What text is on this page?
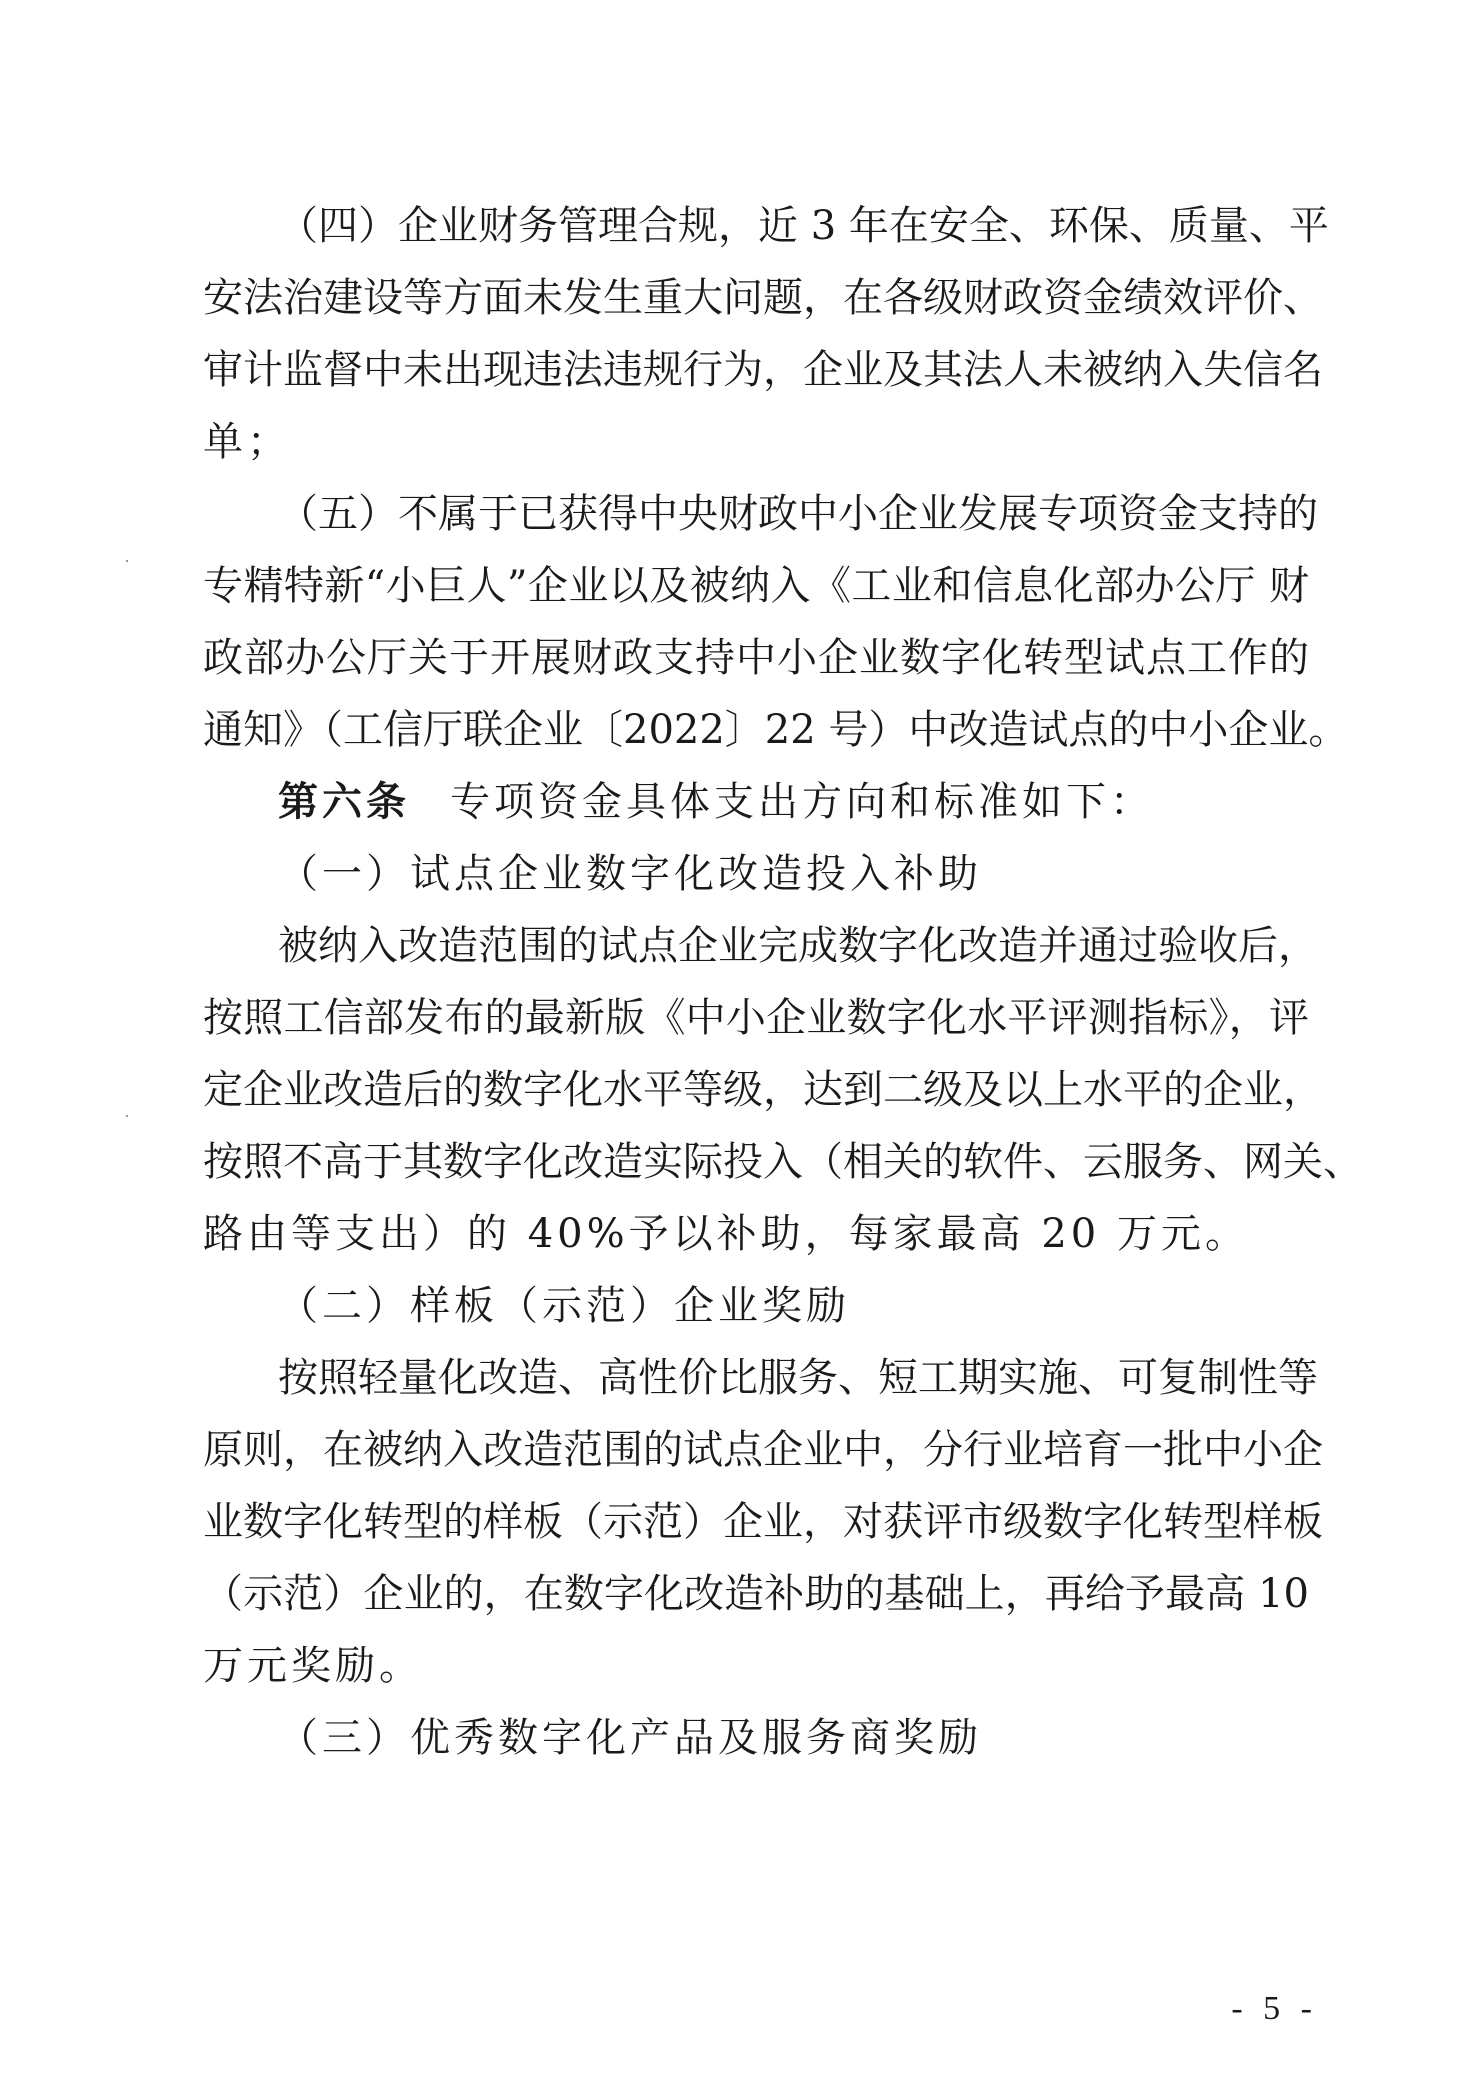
（四）企业财务管理合规，近 3 年在安全、环保、质量、平
安法治建设等方面未发生重大问题，在各级财政资金绩效评价、
审计监督中未出现违法违规行为，企业及其法人未被纳入失信名
单；
（五）不属于已获得中央财政中小企业发展专项资金支持的
专精特新“小巨人”企业以及被纳入《工业和信息化部办公厅 财
政部办公厅关于开展财政支持中小企业数字化转型试点工作的
通知》（工信厅联企业〔2022〕22 号）中改造试点的中小企业。
第六条 专项资金具体支出方向和标准如下：
（一）试点企业数字化改造投入补助
被纳入改造范围的试点企业完成数字化改造并通过验收后，
按照工信部发布的最新版《中小企业数字化水平评测指标》，评
定企业改造后的数字化水平等级，达到二级及以上水平的企业，
按照不高于其数字化改造实际投入（相关的软件、云服务、网关、
路由等支出）的 40%予以补助，每家最高 20 万元。
（二）样板（示范）企业奖励
按照轻量化改造、高性价比服务、短工期实施、可复制性等
原则，在被纳入改造范围的试点企业中，分行业培育一批中小企
业数字化转型的样板（示范）企业，对获评市级数字化转型样板
（示范）企业的，在数字化改造补助的基础上，再给予最高 10
万元奖励。
（三）优秀数字化产品及服务商奖励
- 5 -
